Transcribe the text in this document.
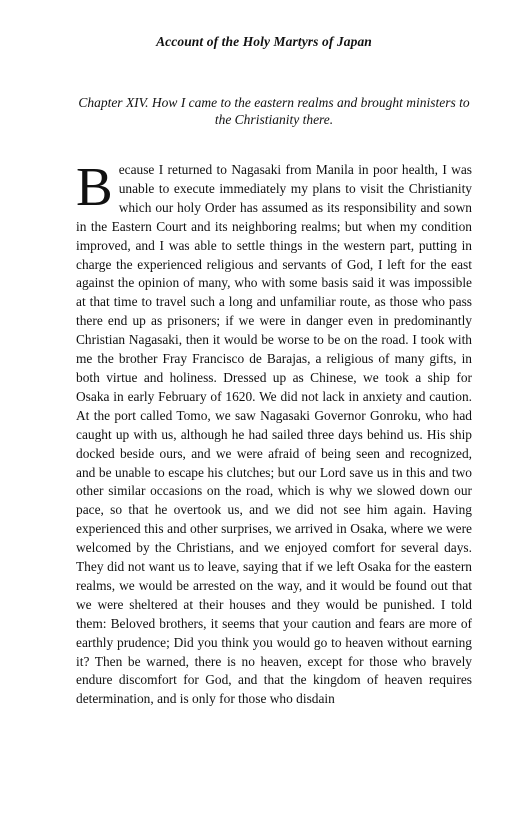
Account of the Holy Martyrs of Japan
Chapter XIV. How I came to the eastern realms and brought ministers to the Christianity there.
Because I returned to Nagasaki from Manila in poor health, I was unable to execute immediately my plans to visit the Christianity which our holy Order has assumed as its responsibility and sown in the Eastern Court and its neighboring realms; but when my condition improved, and I was able to settle things in the western part, putting in charge the experienced religious and servants of God, I left for the east against the opinion of many, who with some basis said it was impossible at that time to travel such a long and unfamiliar route, as those who pass there end up as prisoners; if we were in danger even in predominantly Christian Nagasaki, then it would be worse to be on the road. I took with me the brother Fray Francisco de Barajas, a religious of many gifts, in both virtue and holiness. Dressed up as Chinese, we took a ship for Osaka in early February of 1620. We did not lack in anxiety and caution. At the port called Tomo, we saw Nagasaki Governor Gonroku, who had caught up with us, although he had sailed three days behind us. His ship docked beside ours, and we were afraid of being seen and recognized, and be unable to escape his clutches; but our Lord save us in this and two other similar occasions on the road, which is why we slowed down our pace, so that he overtook us, and we did not see him again. Having experienced this and other surprises, we arrived in Osaka, where we were welcomed by the Christians, and we enjoyed comfort for several days. They did not want us to leave, saying that if we left Osaka for the eastern realms, we would be arrested on the way, and it would be found out that we were sheltered at their houses and they would be punished. I told them: Beloved brothers, it seems that your caution and fears are more of earthly prudence; Did you think you would go to heaven without earning it? Then be warned, there is no heaven, except for those who bravely endure discomfort for God, and that the kingdom of heaven requires determination, and is only for those who disdain
